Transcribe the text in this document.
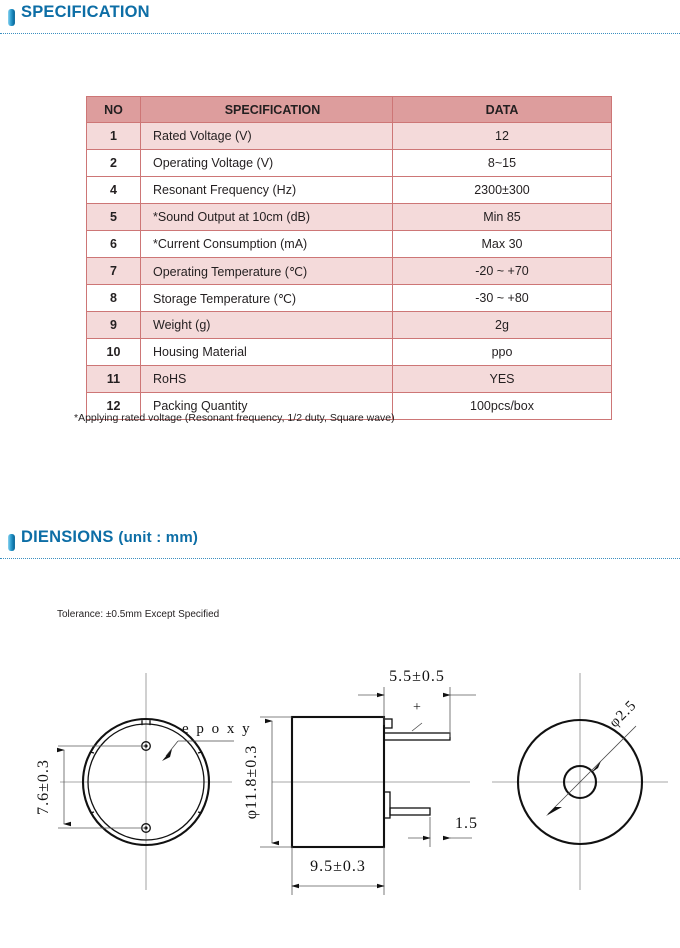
SPECIFICATION
NO	SPECIFICATION	DATA
1	Rated Voltage (V)	12
2	Operating Voltage (V)	8~15
4	Resonant Frequency (Hz)	2300±300
5	*Sound Output at 10cm (dB)	Min 85
6	*Current Consumption (mA)	Max 30
7	Operating Temperature (℃)	-20 ~ +70
8	Storage Temperature (℃)	-30 ~ +80
9	Weight (g)	2g
10	Housing Material	ppo
11	RoHS	YES
12	Packing Quantity	100pcs/box
*Applying rated voltage (Resonant frequency, 1/2 duty, Square wave)
DIENSIONS (unit : mm)
Tolerance: ±0.5mm Except Specified
e p o x y
7.6±0.3
5.5±0.5
+
φ11.8±0.3
9.5±0.3
1.5
φ2.5
